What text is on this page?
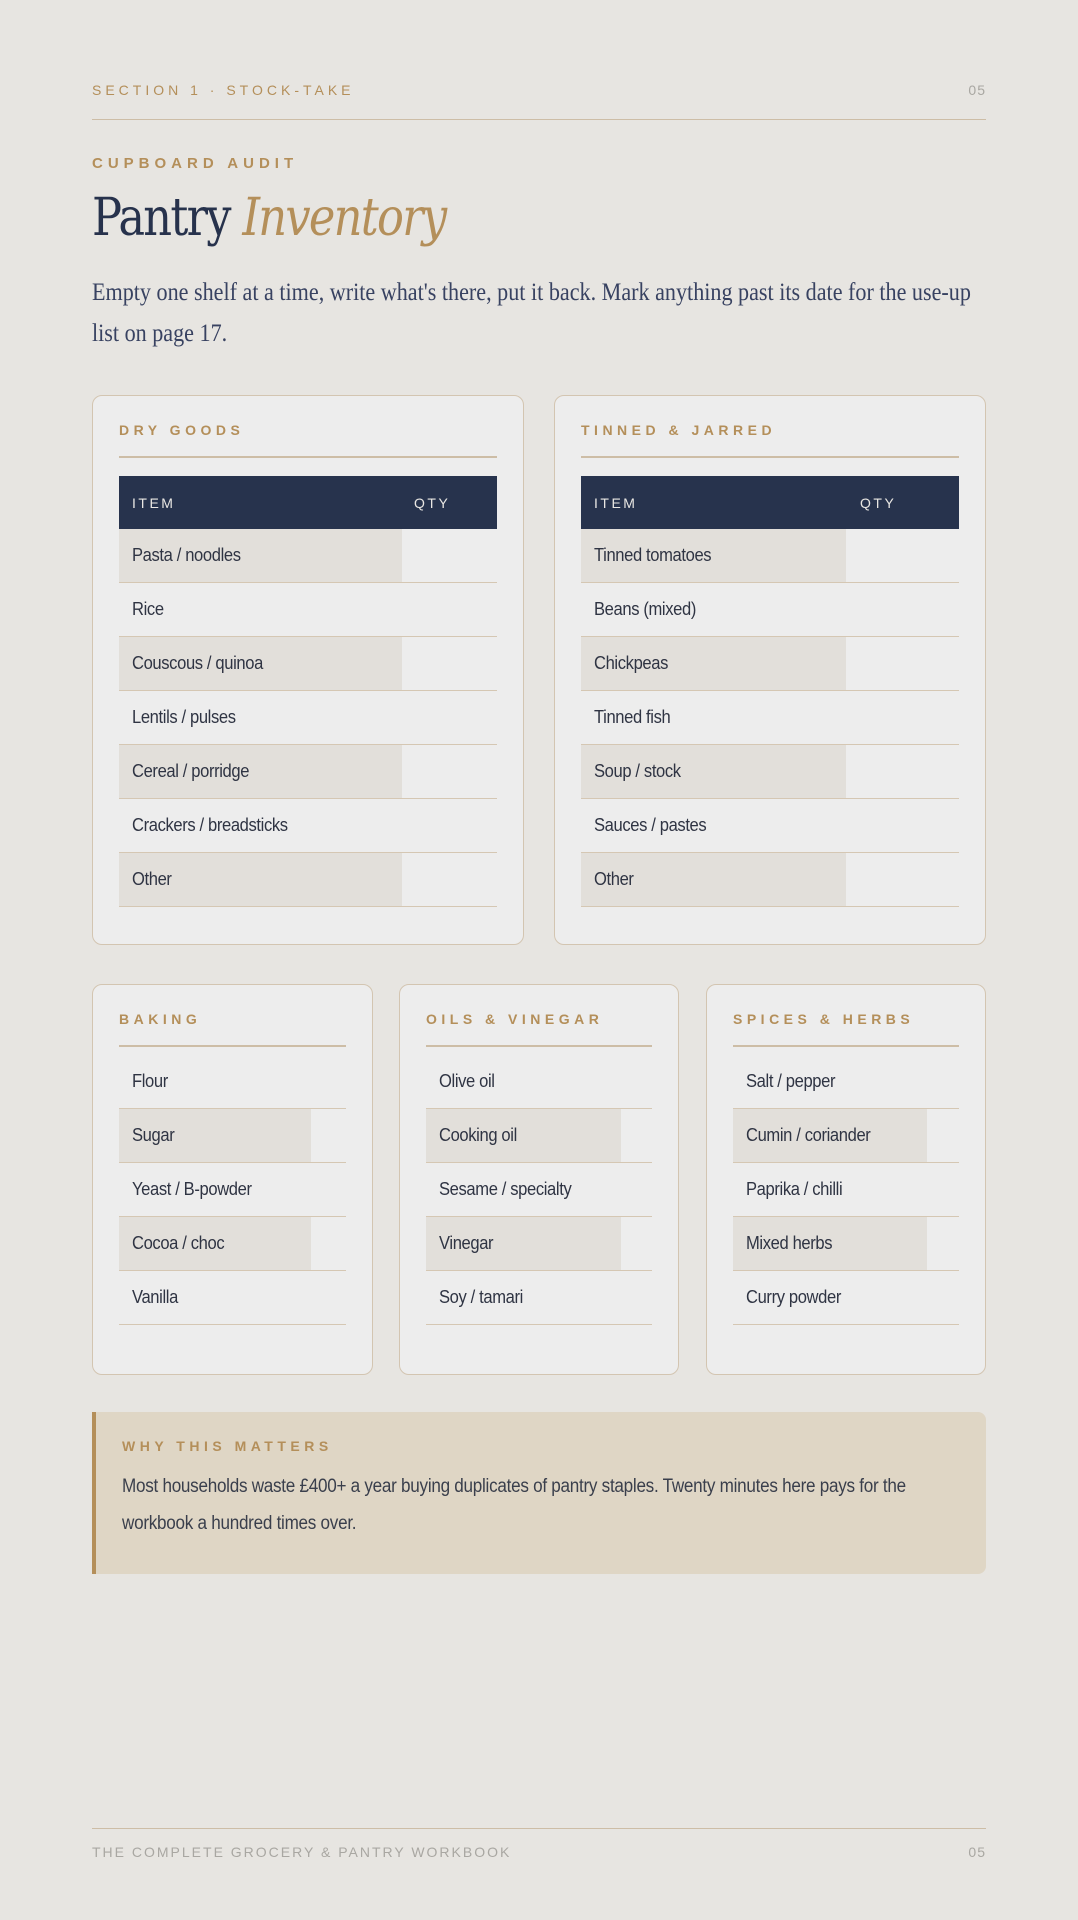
SECTION 1 · STOCK-TAKE	05
CUPBOARD AUDIT
Pantry Inventory
Empty one shelf at a time, write what's there, put it back. Mark anything past its date for the use-up list on page 17.
DRY GOODS
ITEM	QTY
Pasta / noodles
Rice
Couscous / quinoa
Lentils / pulses
Cereal / porridge
Crackers / breadsticks
Other
TINNED & JARRED
ITEM	QTY
Tinned tomatoes
Beans (mixed)
Chickpeas
Tinned fish
Soup / stock
Sauces / pastes
Other
BAKING
Flour
Sugar
Yeast / B-powder
Cocoa / choc
Vanilla
OILS & VINEGAR
Olive oil
Cooking oil
Sesame / specialty
Vinegar
Soy / tamari
SPICES & HERBS
Salt / pepper
Cumin / coriander
Paprika / chilli
Mixed herbs
Curry powder
WHY THIS MATTERS
Most households waste £400+ a year buying duplicates of pantry staples. Twenty minutes here pays for the workbook a hundred times over.
THE COMPLETE GROCERY & PANTRY WORKBOOK	05
